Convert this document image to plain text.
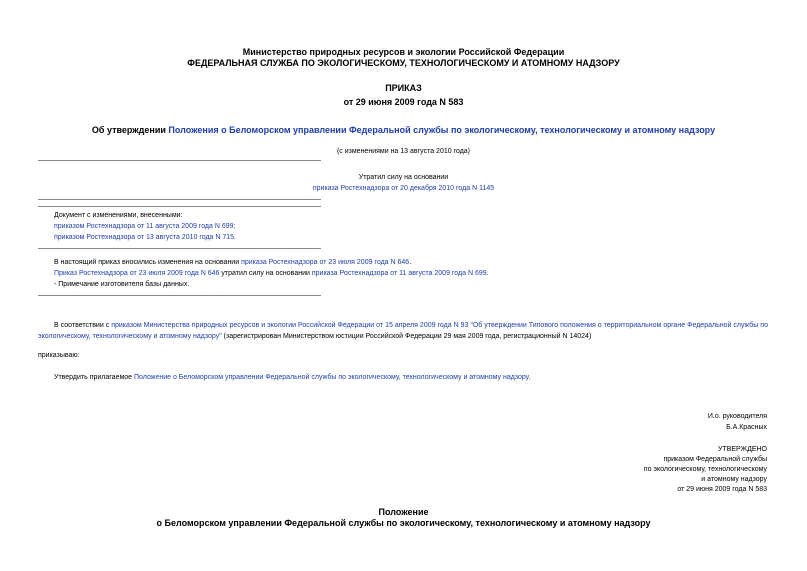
Министерство природных ресурсов и экологии Российской Федерации
ФЕДЕРАЛЬНАЯ СЛУЖБА ПО ЭКОЛОГИЧЕСКОМУ, ТЕХНОЛОГИЧЕСКОМУ И АТОМНОМУ НАДЗОРУ
ПРИКАЗ
от 29 июня 2009 года N 583
Об утверждении Положения о Беломорском управлении Федеральной службы по экологическому, технологическому и атомному надзору
(с изменениями на 13 августа 2010 года)
Утратил силу на основании
приказа Ростехнадзора от 20 декабря 2010 года N 1145
Документ с изменениями, внесенными:
приказом Ростехнадзора от 11 августа 2009 года N 699;
приказом Ростехнадзора от 13 августа 2010 года N 715.
В настоящий приказ вносились изменения на основании приказа Ростехнадзора от 23 июля 2009 года N 646.
Приказ Ростехнадзора от 23 июля 2009 года N 646 утратил силу на основании приказа Ростехнадзора от 11 августа 2009 года N 699.
- Примечание изготовителя базы данных.
В соответствии с приказом Министерства природных ресурсов и экологии Российской Федерации от 15 апреля 2009 года N 93 "Об утверждении Типового положения о территориальном органе Федеральной службы по экологическому, технологическому и атомному надзору" (зарегистрирован Министерством юстиции Российской Федерации 29 мая 2009 года, регистрационный N 14024)
приказываю:
Утвердить прилагаемое Положение о Беломорском управлении Федеральной службы по экологическому, технологическому и атомному надзору.
И.о. руководителя
Б.А.Красных
УТВЕРЖДЕНО
приказом Федеральной службы
по экологическому, технологическому
и атомному надзору
от 29 июня 2009 года N 583
Положение
о Беломорском управлении Федеральной службы по экологическому, технологическому и атомному надзору
